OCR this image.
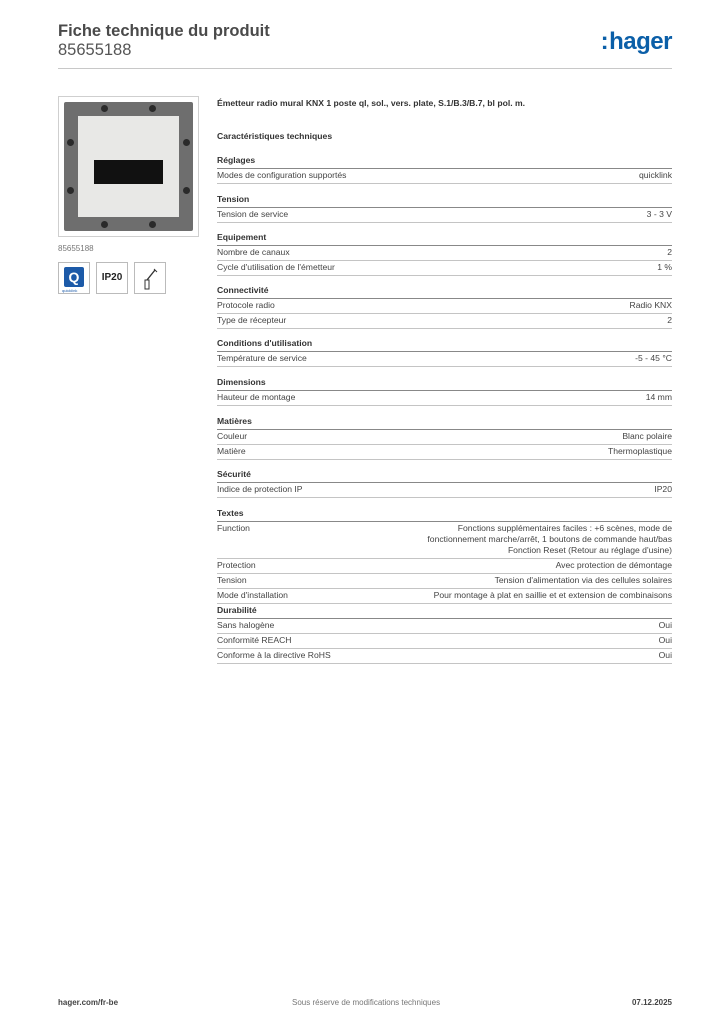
Fiche technique du produit
85655188	:hager
85655188
Q
quicklink
IP20
Émetteur radio mural KNX 1 poste ql, sol., vers. plate, S.1/B.3/B.7, bl pol. m.
Caractéristiques techniques
Réglages
Modes de configuration supportés	quicklink
Tension
Tension de service	3 - 3 V
Equipement
Nombre de canaux	2
Cycle d'utilisation de l'émetteur	1 %
Connectivité
Protocole radio	Radio KNX
Type de récepteur	2
Conditions d'utilisation
Température de service	-5 - 45 °C
Dimensions
Hauteur de montage	14 mm
Matières
Couleur	Blanc polaire
Matière	Thermoplastique
Sécurité
Indice de protection IP	IP20
Textes
Function	Fonctions supplémentaires faciles : +6 scènes, mode de
fonctionnement marche/arrêt, 1 boutons de commande haut/bas
Fonction Reset (Retour au réglage d'usine)
Protection	Avec protection de démontage
Tension	Tension d'alimentation via des cellules solaires
Mode d'installation	Pour montage à plat en saillie et et extension de combinaisons
Durabilité
Sans halogène	Oui
Conformité REACH	Oui
Conforme à la directive RoHS	Oui
hager.com/fr-be	Sous réserve de modifications techniques	07.12.2025
